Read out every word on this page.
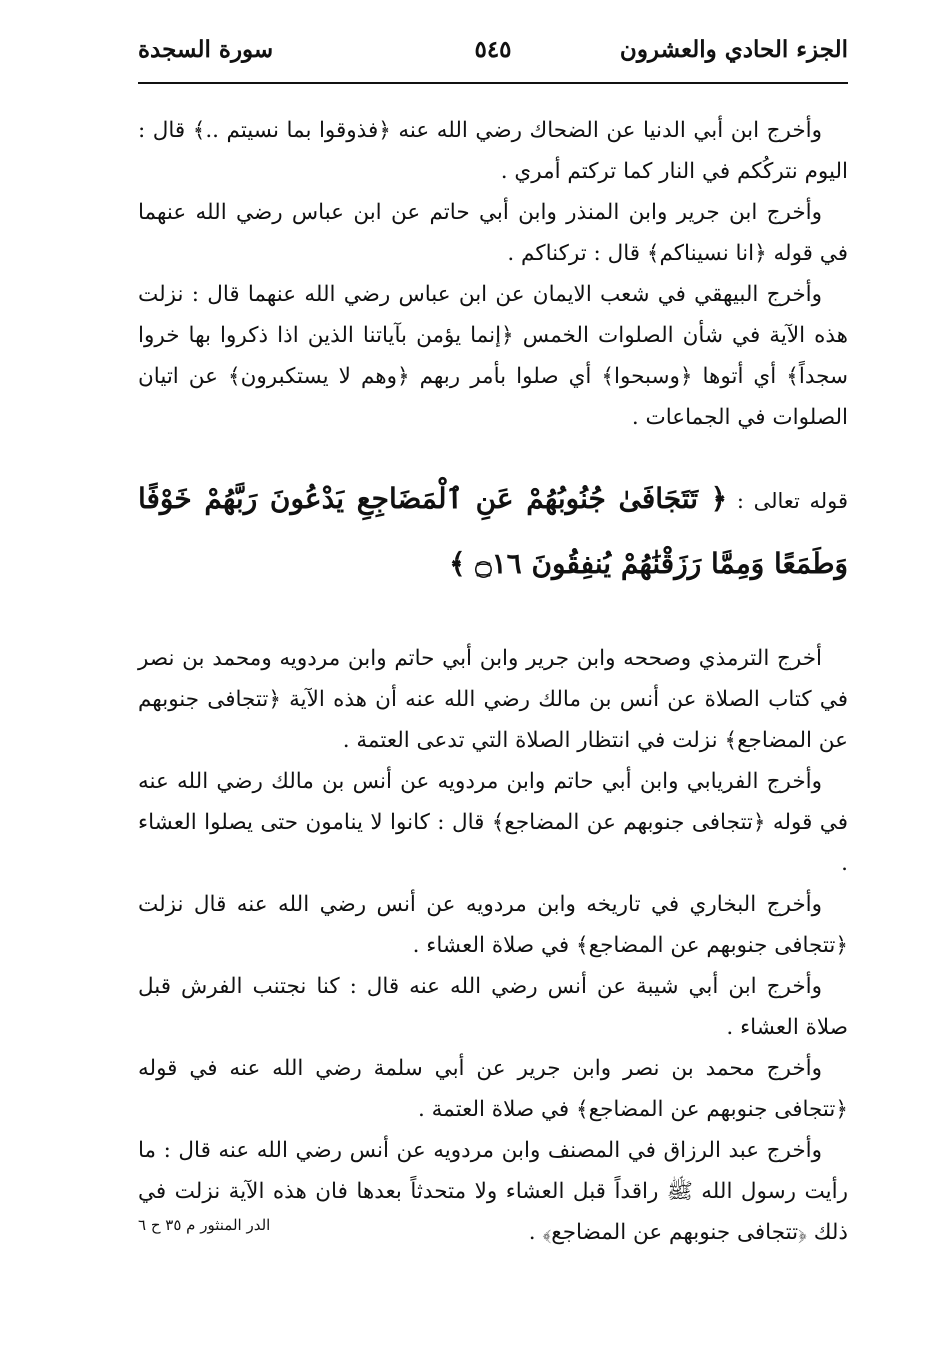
الجزء الحادي والعشرون
٥٤٥
سورة السجدة

وأخرج ابن أبي الدنيا عن الضحاك رضي الله عنه ﴿فذوقوا بما نسيتم ..﴾ قال : اليوم نتركُكم في النار كما تركتم أمري .

وأخرج ابن جرير وابن المنذر وابن أبي حاتم عن ابن عباس رضي الله عنهما في قوله ﴿انا نسيناكم﴾ قال : تركناكم .

وأخرج البيهقي في شعب الايمان عن ابن عباس رضي الله عنهما قال : نزلت هذه الآية في شأن الصلوات الخمس ﴿إنما يؤمن بآياتنا الذين اذا ذكروا بها خروا سجداً﴾ أي أتوها ﴿وسبحوا﴾ أي صلوا بأمر ربهم ﴿وهم لا يستكبرون﴾ عن اتيان الصلوات في الجماعات .

قوله تعالى : ﴿ تَتَجَافَىٰ جُنُوبُهُمْ عَنِ ٱلْمَضَاجِعِ يَدْعُونَ رَبَّهُمْ خَوْفًا وَطَمَعًا وَمِمَّا رَزَقْنَٰهُمْ يُنفِقُونَ ۝١٦ ﴾

أخرج الترمذي وصححه وابن جرير وابن أبي حاتم وابن مردويه ومحمد بن نصر في كتاب الصلاة عن أنس بن مالك رضي الله عنه أن هذه الآية ﴿تتجافى جنوبهم عن المضاجع﴾ نزلت في انتظار الصلاة التي تدعى العتمة .

وأخرج الفريابي وابن أبي حاتم وابن مردويه عن أنس بن مالك رضي الله عنه في قوله ﴿تتجافى جنوبهم عن المضاجع﴾ قال : كانوا لا ينامون حتى يصلوا العشاء .

وأخرج البخاري في تاريخه وابن مردويه عن أنس رضي الله عنه قال نزلت ﴿تتجافى جنوبهم عن المضاجع﴾ في صلاة العشاء .

وأخرج ابن أبي شيبة عن أنس رضي الله عنه قال : كنا نجتنب الفرش قبل صلاة العشاء .

وأخرج محمد بن نصر وابن جرير عن أبي سلمة رضي الله عنه في قوله ﴿تتجافى جنوبهم عن المضاجع﴾ في صلاة العتمة .

وأخرج عبد الرزاق في المصنف وابن مردويه عن أنس رضي الله عنه قال : ما رأيت رسول الله ﷺ راقداً قبل العشاء ولا متحدثاً بعدها فان هذه الآية نزلت في ذلك ﴿تتجافى جنوبهم عن المضاجع﴾ .

الدر المنثور م ٣٥ ح ٦
